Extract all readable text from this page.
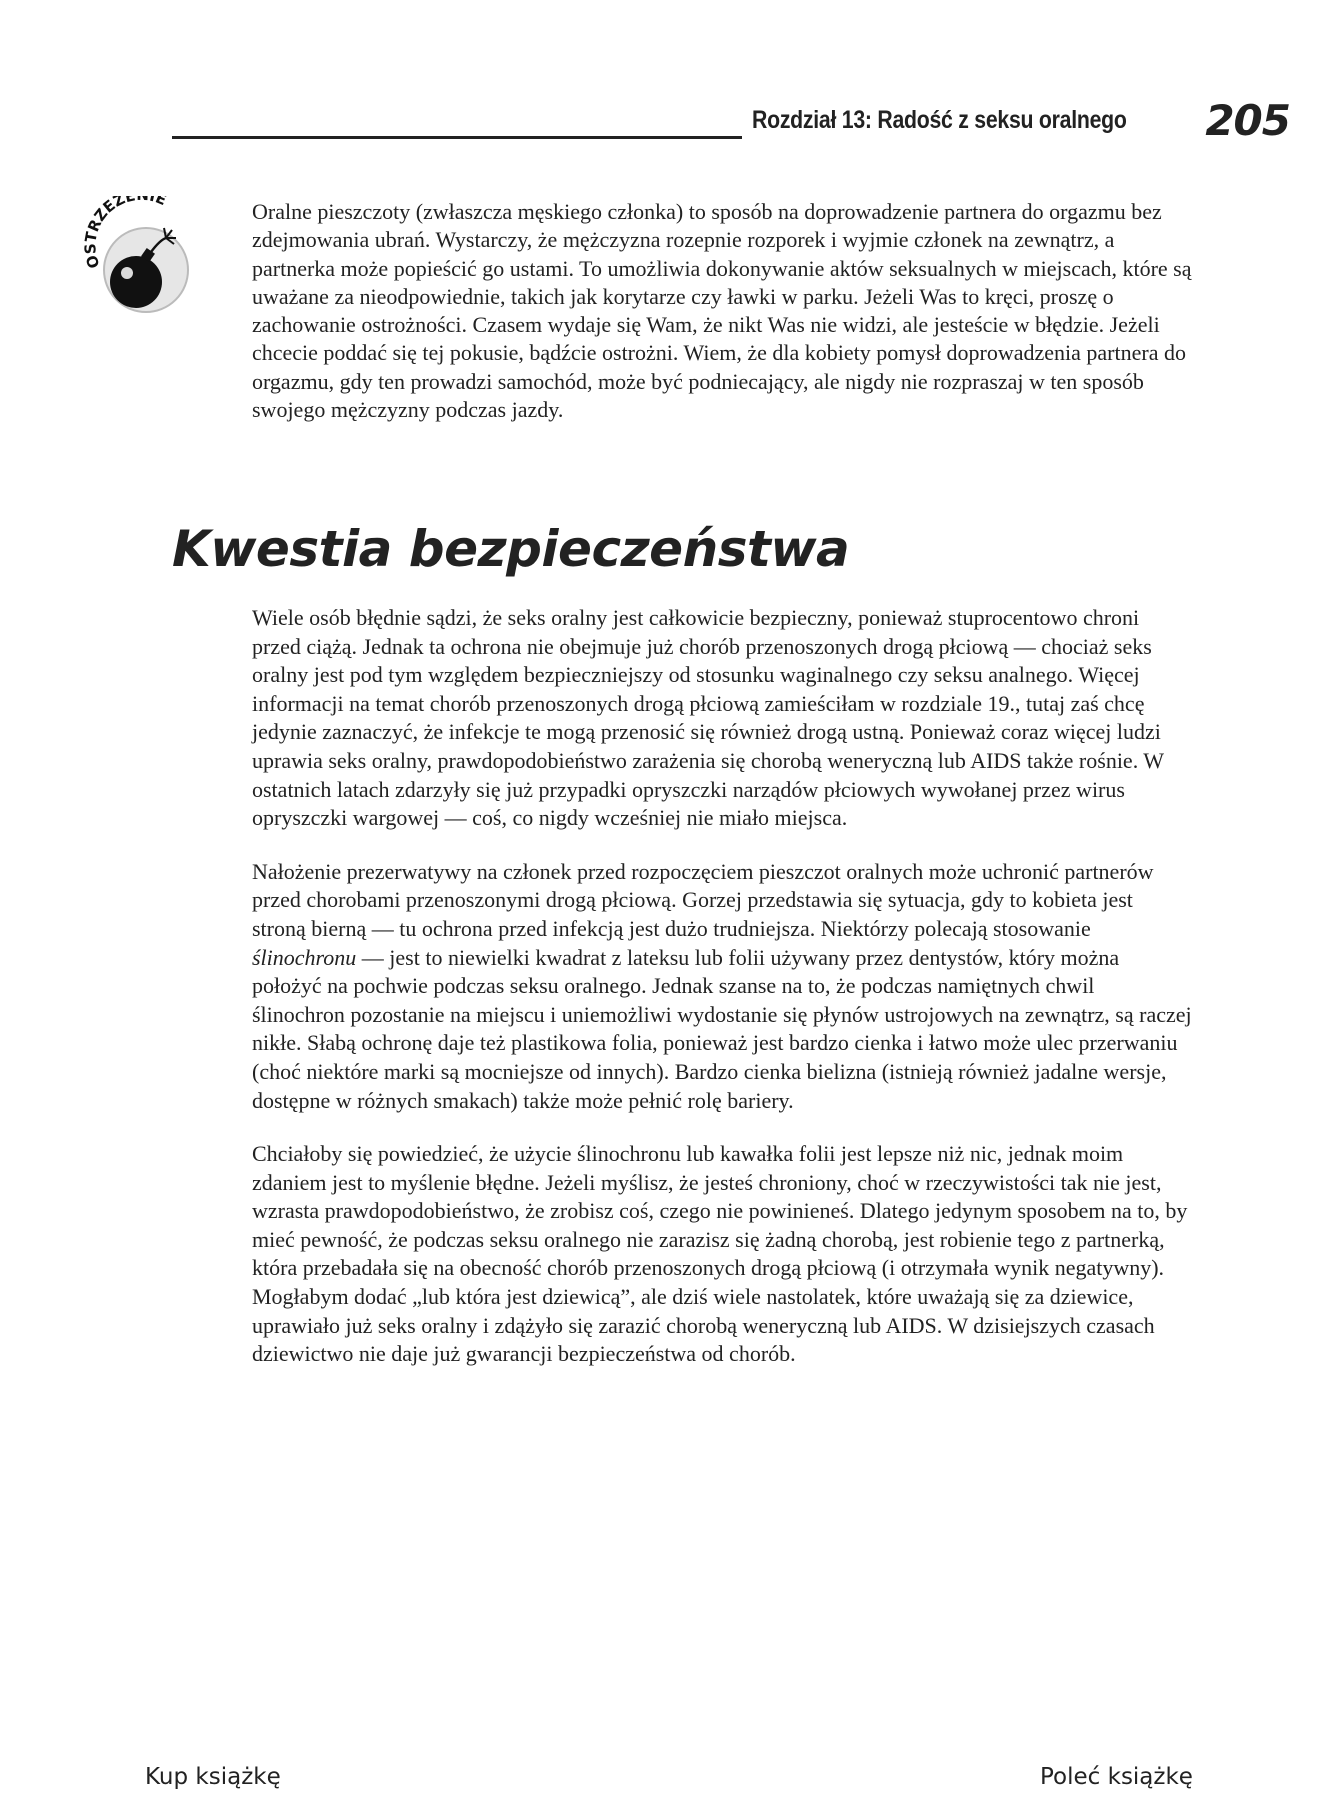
Rozdział 13: Radość z seksu oralnego 205
OSTRZEŻE IE
Oralne pieszczoty (zwłaszcza męskiego członka) to sposób na doprowadzenie partnera do orgazmu bez zdejmowania ubrań. Wystarczy, że mężczyzna rozepnie rozporek i wyjmie członek na zewnątrz, a partnerka może popieścić go ustami. To umożliwia dokonywanie aktów seksualnych w miejscach, które są uważane za nieodpowiednie, takich jak korytarze czy ławki w parku. Jeżeli Was to kręci, proszę o zachowanie ostrożności. Czasem wydaje się Wam, że nikt Was nie widzi, ale jesteście w błędzie. Jeżeli chcecie poddać się tej pokusie, bądźcie ostrożni. Wiem, że dla kobiety pomysł doprowadzenia partnera do orgazmu, gdy ten prowadzi samochód, może być podniecający, ale nigdy nie rozpraszaj w ten sposób swojego mężczyzny podczas jazdy.
Kwestia bezpieczeństwa

Wiele osób błędnie sądzi, że seks oralny jest całkowicie bezpieczny, ponieważ stuprocentowo chroni przed ciążą. Jednak ta ochrona nie obejmuje już chorób przenoszonych drogą płciową — chociaż seks oralny jest pod tym względem bezpieczniejszy od stosunku waginalnego czy seksu analnego. Więcej informacji na temat chorób przenoszonych drogą płciową zamieściłam w rozdziale 19., tutaj zaś chcę jedynie zaznaczyć, że infekcje te mogą przenosić się również drogą ustną. Ponieważ coraz więcej ludzi uprawia seks oralny, prawdopodobieństwo zarażenia się chorobą weneryczną lub AIDS także rośnie. W ostatnich latach zdarzyły się już przypadki opryszczki narządów płciowych wywołanej przez wirus opryszczki wargowej — coś, co nigdy wcześniej nie miało miejsca.

Nałożenie prezerwatywy na członek przed rozpoczęciem pieszczot oralnych może uchronić partnerów przed chorobami przenoszonymi drogą płciową. Gorzej przedstawia się sytuacja, gdy to kobieta jest stroną bierną — tu ochrona przed infekcją jest dużo trudniejsza. Niektórzy polecają stosowanie ślinochronu — jest to niewielki kwadrat z lateksu lub folii używany przez dentystów, który można położyć na pochwie podczas seksu oralnego. Jednak szanse na to, że podczas namiętnych chwil ślinochron pozostanie na miejscu i uniemożliwi wydostanie się płynów ustrojowych na zewnątrz, są raczej nikłe. Słabą ochronę daje też plastikowa folia, ponieważ jest bardzo cienka i łatwo może ulec przerwaniu (choć niektóre marki są mocniejsze od innych). Bardzo cienka bielizna (istnieją również jadalne wersje, dostępne w różnych smakach) także może pełnić rolę bariery.

Chciałoby się powiedzieć, że użycie ślinochronu lub kawałka folii jest lepsze niż nic, jednak moim zdaniem jest to myślenie błędne. Jeżeli myślisz, że jesteś chroniony, choć w rzeczywistości tak nie jest, wzrasta prawdopodobieństwo, że zrobisz coś, czego nie powinieneś. Dlatego jedynym sposobem na to, by mieć pewność, że podczas seksu oralnego nie zarazisz się żadną chorobą, jest robienie tego z partnerką, która przebadała się na obecność chorób przenoszonych drogą płciową (i otrzymała wynik negatywny). Mogłabym dodać „lub która jest dziewicą”, ale dziś wiele nastolatek, które uważają się za dziewice, uprawiało już seks oralny i zdążyło się zarazić chorobą weneryczną lub AIDS. W dzisiejszych czasach dziewictwo nie daje już gwarancji bezpieczeństwa od chorób.

Kup książkę	Poleć książkę
